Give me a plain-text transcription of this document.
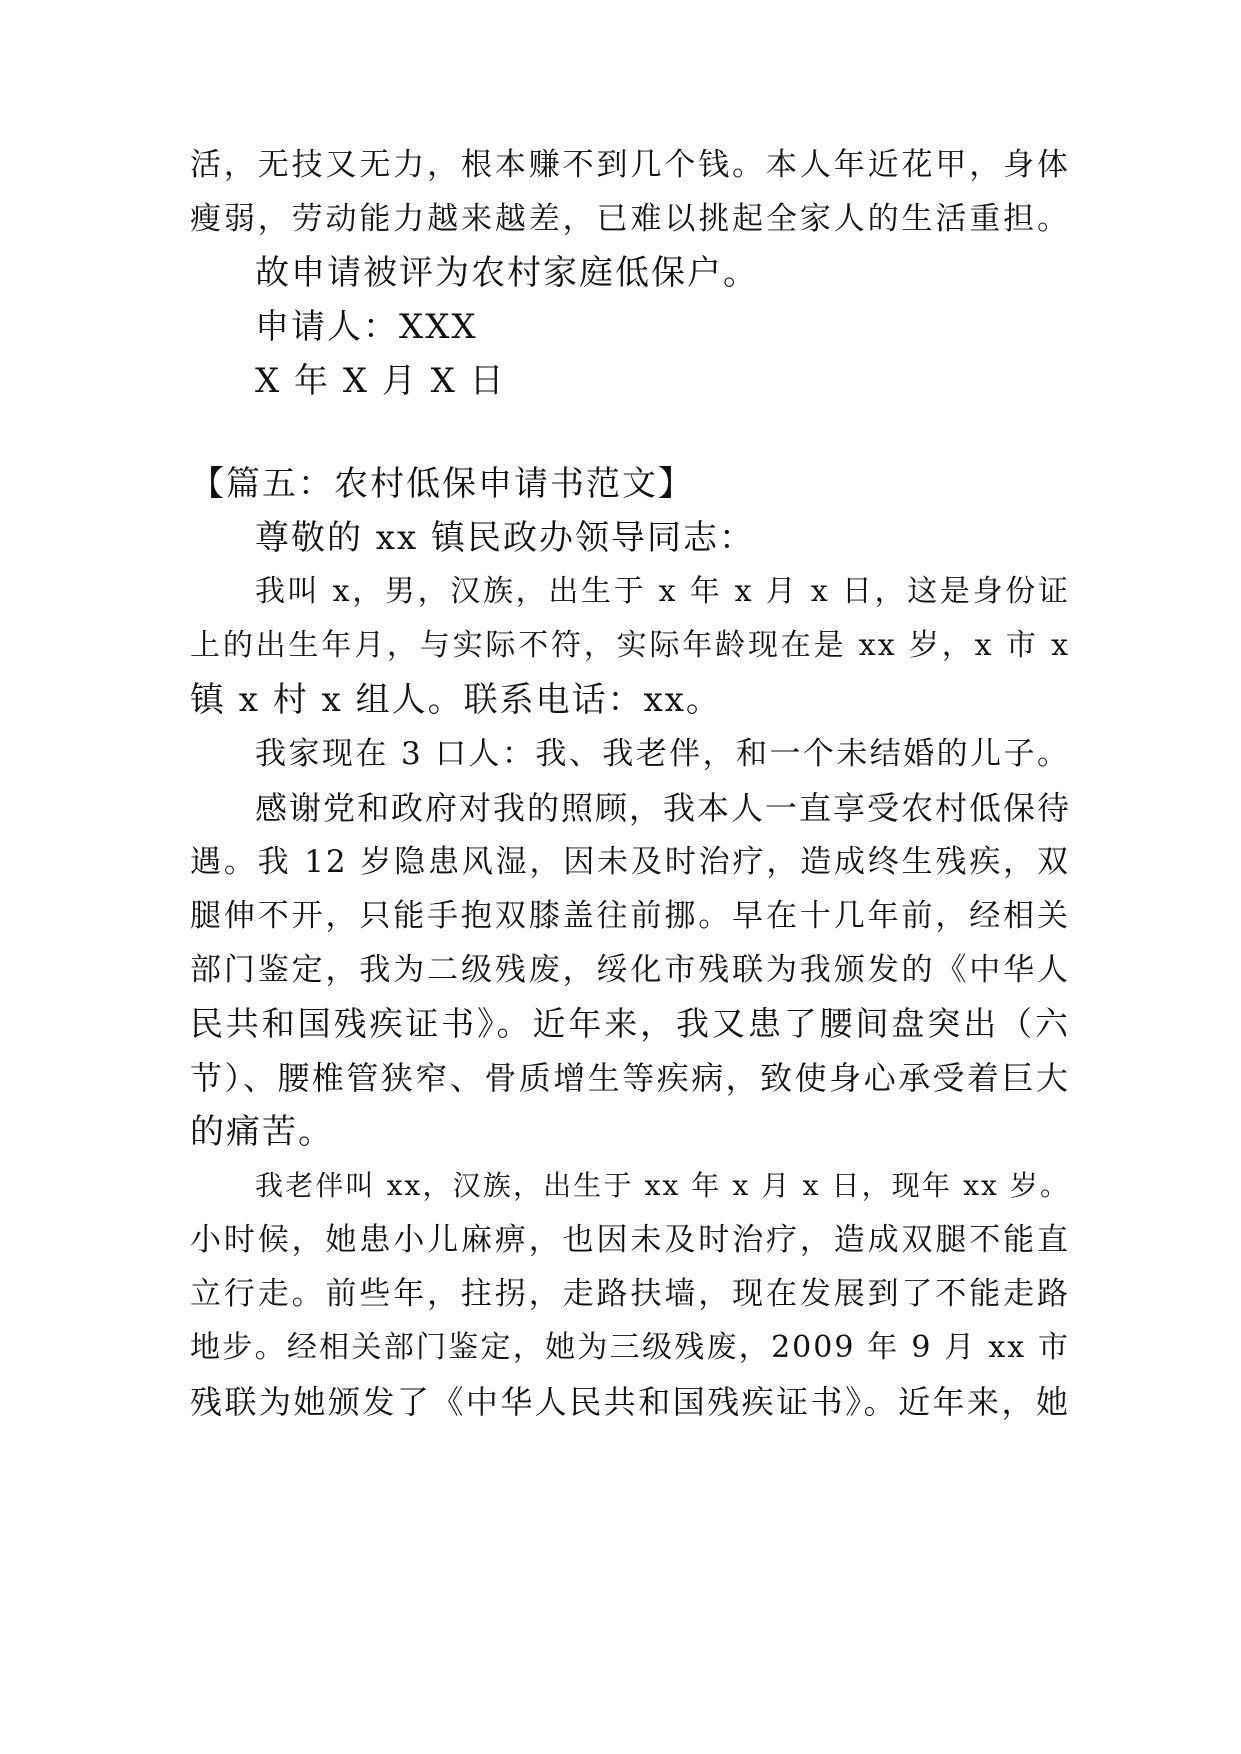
活，无技又无力，根本赚不到几个钱。本人年近花甲，身体
瘦弱，劳动能力越来越差，已难以挑起全家人的生活重担。
故申请被评为农村家庭低保户。
申请人：XXX
X 年 X 月 X 日
【篇五：农村低保申请书范文】
尊敬的 xx 镇民政办领导同志：
我叫 x，男，汉族，出生于 x 年 x 月 x 日，这是身份证
上的出生年月，与实际不符，实际年龄现在是 xx 岁，x 市 x
镇 x 村 x 组人。联系电话：xx。
我家现在 3 口人：我、我老伴，和一个未结婚的儿子。
感谢党和政府对我的照顾，我本人一直享受农村低保待
遇。我 12 岁隐患风湿，因未及时治疗，造成终生残疾，双
腿伸不开，只能手抱双膝盖往前挪。早在十几年前，经相关
部门鉴定，我为二级残废，绥化市残联为我颁发的《中华人
民共和国残疾证书》。近年来，我又患了腰间盘突出（六
节）、腰椎管狭窄、骨质增生等疾病，致使身心承受着巨大
的痛苦。
我老伴叫 xx，汉族，出生于 xx 年 x 月 x 日，现年 xx 岁。
小时候，她患小儿麻痹，也因未及时治疗，造成双腿不能直
立行走。前些年，拄拐，走路扶墙，现在发展到了不能走路
地步。经相关部门鉴定，她为三级残废，2009 年 9 月 xx 市
残联为她颁发了《中华人民共和国残疾证书》。近年来，她
